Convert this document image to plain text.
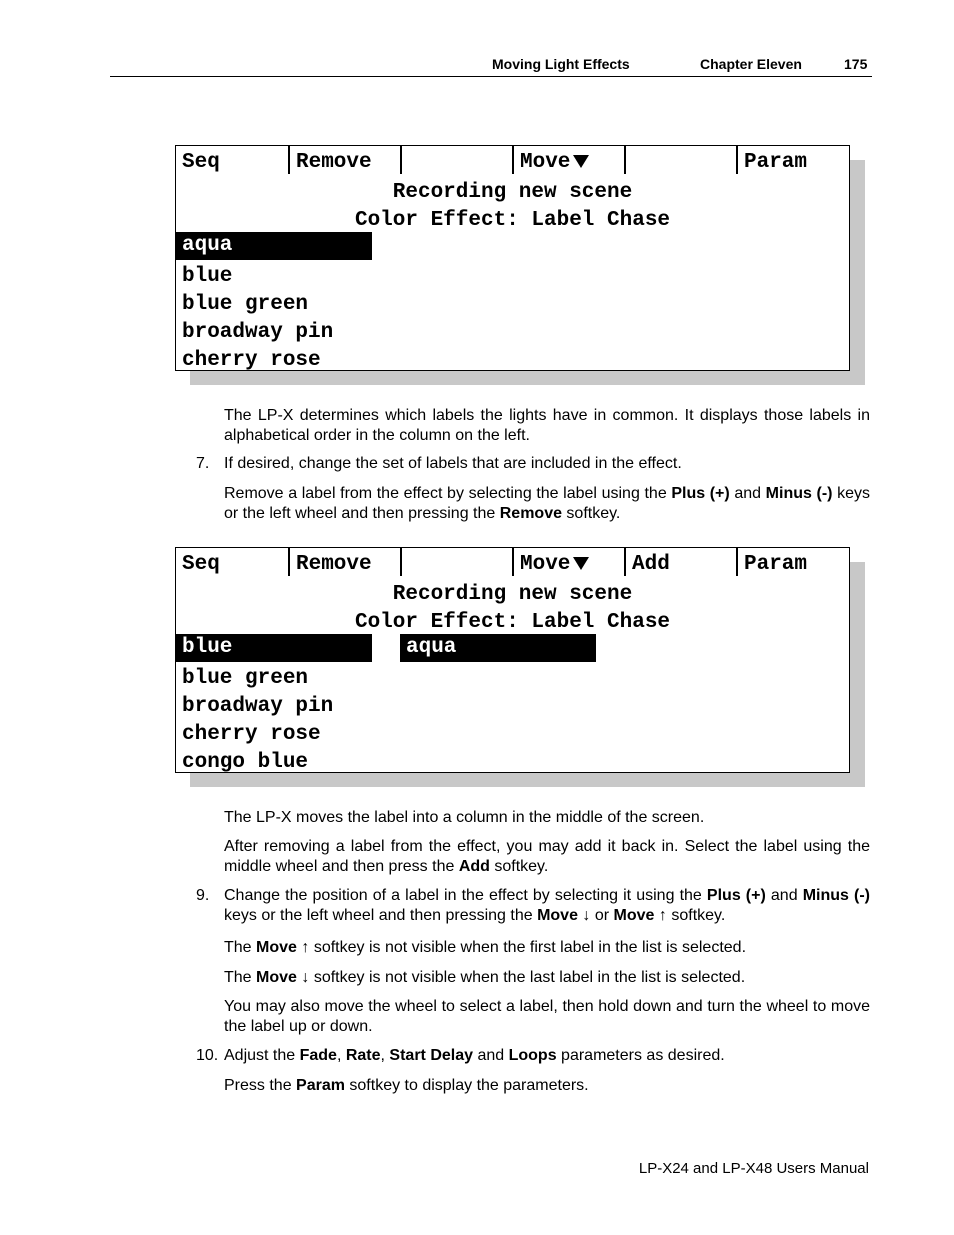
Moving Light Effects	Chapter Eleven	175
Seq	Remove	Move	Param
Recording new scene
Color Effect: Label Chase
aqua
blue
blue green
broadway pin
cherry rose
The LP-X determines which labels the lights have in common. It displays those labels in alphabetical order in the column on the left.
7. If desired, change the set of labels that are included in the effect.
Remove a label from the effect by selecting the label using the Plus (+) and Minus (-) keys or the left wheel and then pressing the Remove softkey.
Seq	Remove	Move	Add	Param
Recording new scene
Color Effect: Label Chase
blue	aqua
blue green
broadway pin
cherry rose
congo blue
The LP-X moves the label into a column in the middle of the screen.
After removing a label from the effect, you may add it back in. Select the label using the middle wheel and then press the Add softkey.
9. Change the position of a label in the effect by selecting it using the Plus (+) and Minus (-) keys or the left wheel and then pressing the Move ↓ or Move ↑ softkey.
The Move ↑ softkey is not visible when the first label in the list is selected.
The Move ↓ softkey is not visible when the last label in the list is selected.
You may also move the wheel to select a label, then hold down and turn the wheel to move the label up or down.
10. Adjust the Fade, Rate, Start Delay and Loops parameters as desired.
Press the Param softkey to display the parameters.
LP-X24 and LP-X48 Users Manual
